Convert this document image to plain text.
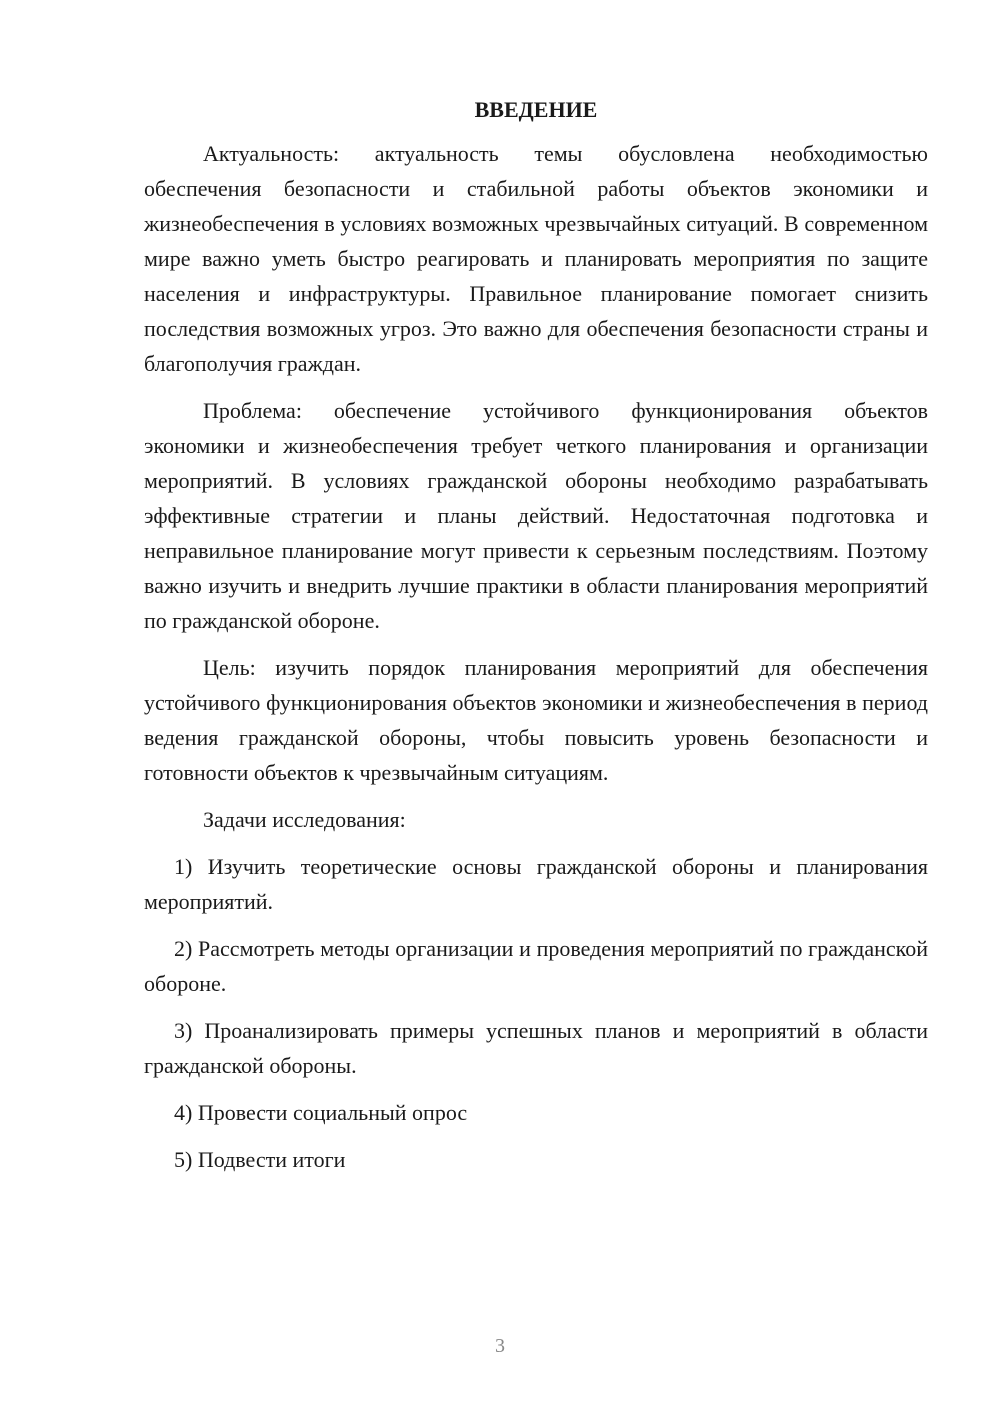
ВВЕДЕНИЕ

Актуальность: актуальность темы обусловлена необходимостью обеспечения безопасности и стабильной работы объектов экономики и жизнеобеспечения в условиях возможных чрезвычайных ситуаций. В современном мире важно уметь быстро реагировать и планировать мероприятия по защите населения и инфраструктуры. Правильное планирование помогает снизить последствия возможных угроз. Это важно для обеспечения безопасности страны и благополучия граждан.

Проблема: обеспечение устойчивого функционирования объектов экономики и жизнеобеспечения требует четкого планирования и организации мероприятий. В условиях гражданской обороны необходимо разрабатывать эффективные стратегии и планы действий. Недостаточная подготовка и неправильное планирование могут привести к серьезным последствиям. Поэтому важно изучить и внедрить лучшие практики в области планирования мероприятий по гражданской обороне.

Цель: изучить порядок планирования мероприятий для обеспечения устойчивого функционирования объектов экономики и жизнеобеспечения в период ведения гражданской обороны, чтобы повысить уровень безопасности и готовности объектов к чрезвычайным ситуациям.

Задачи исследования:

1) Изучить теоретические основы гражданской обороны и планирования мероприятий.

2) Рассмотреть методы организации и проведения мероприятий по гражданской обороне.

3) Проанализировать примеры успешных планов и мероприятий в области гражданской обороны.

4) Провести социальный опрос

5) Подвести итоги

3
